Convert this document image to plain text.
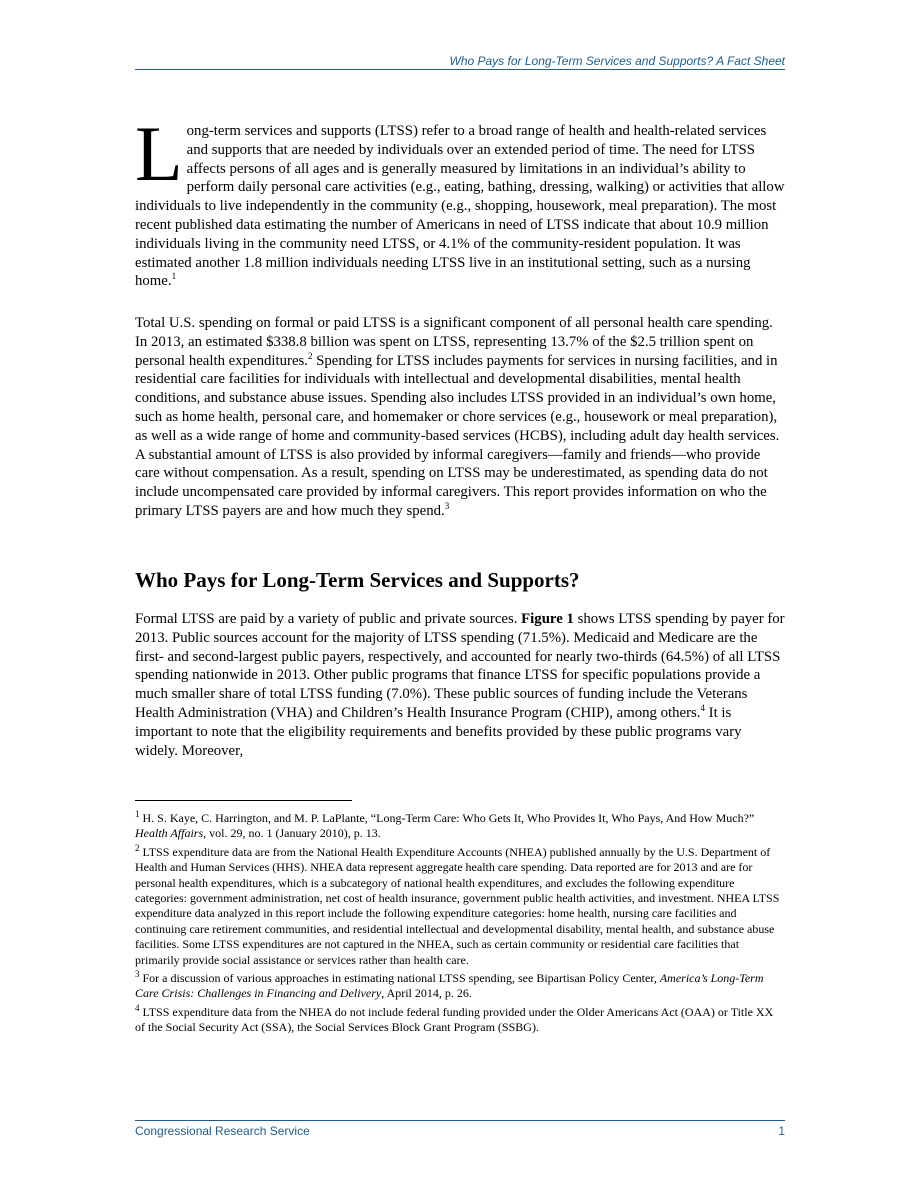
Who Pays for Long-Term Services and Supports? A Fact Sheet
Long-term services and supports (LTSS) refer to a broad range of health and health-related services and supports that are needed by individuals over an extended period of time. The need for LTSS affects persons of all ages and is generally measured by limitations in an individual’s ability to perform daily personal care activities (e.g., eating, bathing, dressing, walking) or activities that allow individuals to live independently in the community (e.g., shopping, housework, meal preparation). The most recent published data estimating the number of Americans in need of LTSS indicate that about 10.9 million individuals living in the community need LTSS, or 4.1% of the community-resident population. It was estimated another 1.8 million individuals needing LTSS live in an institutional setting, such as a nursing home.$^1$
Total U.S. spending on formal or paid LTSS is a significant component of all personal health care spending. In 2013, an estimated $338.8 billion was spent on LTSS, representing 13.7% of the $2.5 trillion spent on personal health expenditures.$^2$ Spending for LTSS includes payments for services in nursing facilities, and in residential care facilities for individuals with intellectual and developmental disabilities, mental health conditions, and substance abuse issues. Spending also includes LTSS provided in an individual’s own home, such as home health, personal care, and homemaker or chore services (e.g., housework or meal preparation), as well as a wide range of home and community-based services (HCBS), including adult day health services. A substantial amount of LTSS is also provided by informal caregivers—family and friends—who provide care without compensation. As a result, spending on LTSS may be underestimated, as spending data do not include uncompensated care provided by informal caregivers. This report provides information on who the primary LTSS payers are and how much they spend.$^3$
Who Pays for Long-Term Services and Supports?
Formal LTSS are paid by a variety of public and private sources. Figure 1 shows LTSS spending by payer for 2013. Public sources account for the majority of LTSS spending (71.5%). Medicaid and Medicare are the first- and second-largest public payers, respectively, and accounted for nearly two-thirds (64.5%) of all LTSS spending nationwide in 2013. Other public programs that finance LTSS for specific populations provide a much smaller share of total LTSS funding (7.0%). These public sources of funding include the Veterans Health Administration (VHA) and Children’s Health Insurance Program (CHIP), among others.$^4$ It is important to note that the eligibility requirements and benefits provided by these public programs vary widely. Moreover,
$^1$ H. S. Kaye, C. Harrington, and M. P. LaPlante, “Long-Term Care: Who Gets It, Who Provides It, Who Pays, And How Much?” Health Affairs, vol. 29, no. 1 (January 2010), p. 13.
$^2$ LTSS expenditure data are from the National Health Expenditure Accounts (NHEA) published annually by the U.S. Department of Health and Human Services (HHS). NHEA data represent aggregate health care spending. Data reported are for 2013 and are for personal health expenditures, which is a subcategory of national health expenditures, and excludes the following expenditure categories: government administration, net cost of health insurance, government public health activities, and investment. NHEA LTSS expenditure data analyzed in this report include the following expenditure categories: home health, nursing care facilities and continuing care retirement communities, and residential intellectual and developmental disability, mental health, and substance abuse facilities. Some LTSS expenditures are not captured in the NHEA, such as certain community or residential care facilities that primarily provide social assistance or services rather than health care.
$^3$ For a discussion of various approaches in estimating national LTSS spending, see Bipartisan Policy Center, America’s Long-Term Care Crisis: Challenges in Financing and Delivery, April 2014, p. 26.
$^4$ LTSS expenditure data from the NHEA do not include federal funding provided under the Older Americans Act (OAA) or Title XX of the Social Security Act (SSA), the Social Services Block Grant Program (SSBG).
Congressional Research Service	1
